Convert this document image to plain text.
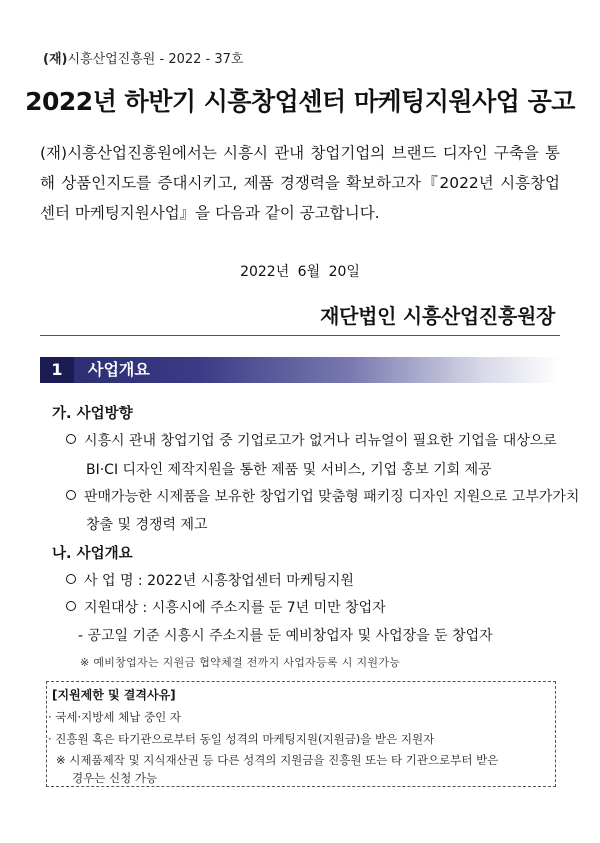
(재)시흥산업진흥원 - 2022 - 37호
2022년 하반기 시흥창업센터 마케팅지원사업 공고
(재)시흥산업진흥원에서는 시흥시 관내 창업기업의 브랜드 디자인 구축을 통해 상품인지도를 증대시키고, 제품 경쟁력을 확보하고자『2022년 시흥창업센터 마케팅지원사업』을 다음과 같이 공고합니다.
2022년 6월 20일
재단법인 시흥산업진흥원장
1	사업개요
가. 사업방향
시흥시 관내 창업기업 중 기업로고가 없거나 리뉴얼이 필요한 기업을 대상으로
BI·CI 디자인 제작지원을 통한 제품 및 서비스, 기업 홍보 기회 제공
판매가능한 시제품을 보유한 창업기업 맞춤형 패키징 디자인 지원으로 고부가가치
창출 및 경쟁력 제고
나. 사업개요
사 업 명 : 2022년 시흥창업센터 마케팅지원
지원대상 : 시흥시에 주소지를 둔 7년 미만 창업자
- 공고일 기준 시흥시 주소지를 둔 예비창업자 및 사업장을 둔 창업자
※ 예비창업자는 지원금 협약체결 전까지 사업자등록 시 지원가능
[지원제한 및 결격사유]
· 국세·지방세 체납 중인 자
· 진흥원 혹은 타기관으로부터 동일 성격의 마케팅지원(지원금)을 받은 지원자
※ 시제품제작 및 지식재산권 등 다른 성격의 지원금을 진흥원 또는 타 기관으로부터 받은
경우는 신청 가능
